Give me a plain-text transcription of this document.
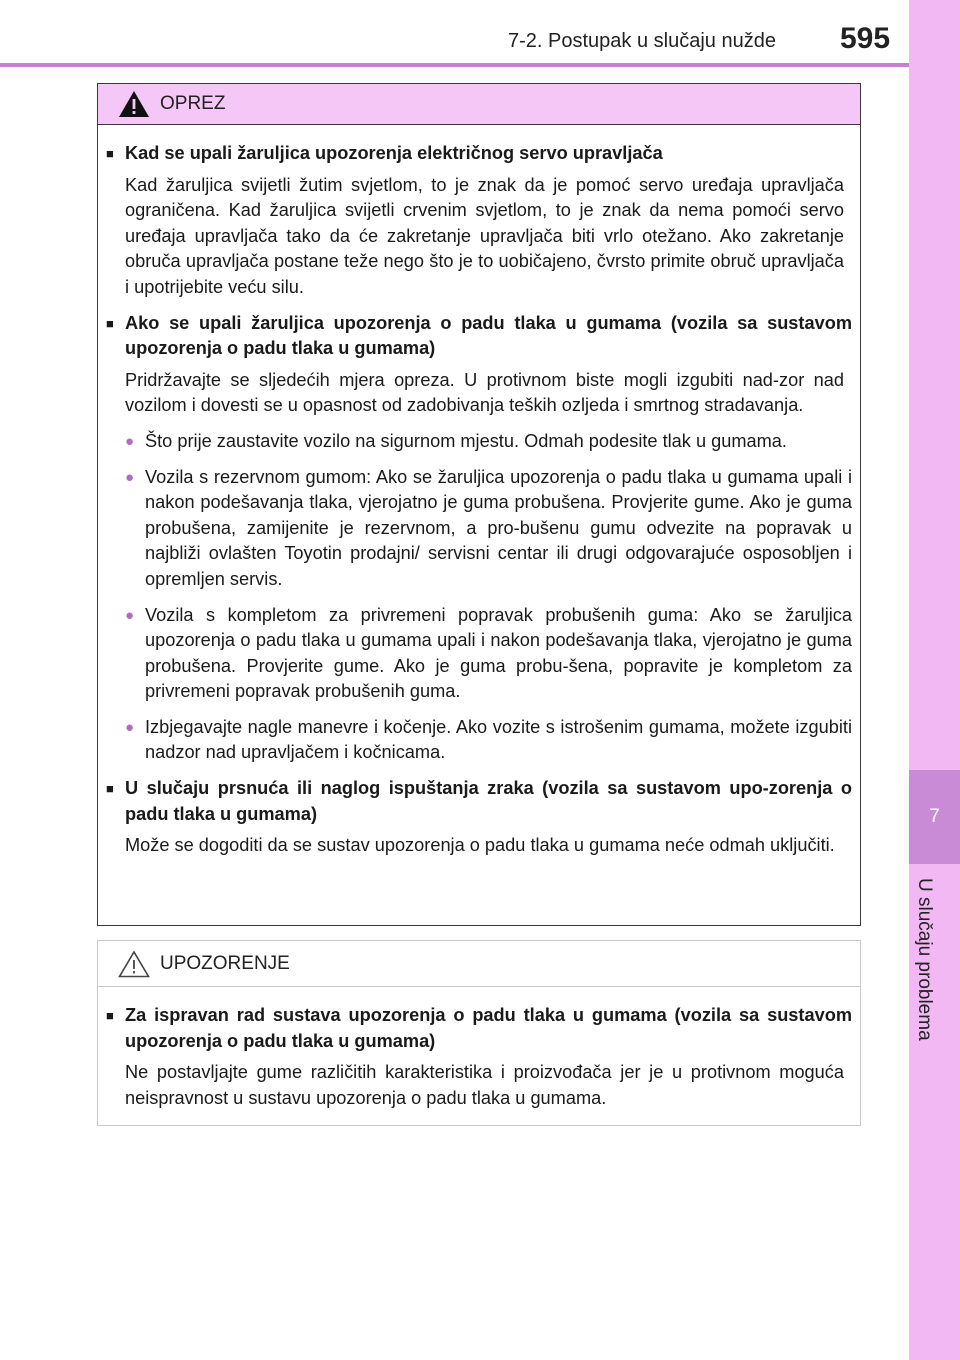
7-2. Postupak u slučaju nužde 595
7
U slučaju problema
OPREZ
■ Kad se upali žaruljica upozorenja električnog servo upravljača
Kad žaruljica svijetli žutim svjetlom, to je znak da je pomoć servo uređaja upravljača ograničena. Kad žaruljica svijetli crvenim svjetlom, to je znak da nema pomoći servo uređaja upravljača tako da će zakretanje upravljača biti vrlo otežano. Ako zakretanje obruča upravljača postane teže nego što je to uobičajeno, čvrsto primite obruč upravljača i upotrijebite veću silu.
■ Ako se upali žaruljica upozorenja o padu tlaka u gumama (vozila sa sustavom upozorenja o padu tlaka u gumama)
Pridržavajte se sljedećih mjera opreza. U protivnom biste mogli izgubiti nad-zor nad vozilom i dovesti se u opasnost od zadobivanja teških ozljeda i smrtnog stradavanja.
● Što prije zaustavite vozilo na sigurnom mjestu. Odmah podesite tlak u gumama.
● Vozila s rezervnom gumom: Ako se žaruljica upozorenja o padu tlaka u gumama upali i nakon podešavanja tlaka, vjerojatno je guma probušena. Provjerite gume. Ako je guma probušena, zamijenite je rezervnom, a pro-bušenu gumu odvezite na popravak u najbliži ovlašten Toyotin prodajni/ servisni centar ili drugi odgovarajuće osposobljen i opremljen servis.
● Vozila s kompletom za privremeni popravak probušenih guma: Ako se žaruljica upozorenja o padu tlaka u gumama upali i nakon podešavanja tlaka, vjerojatno je guma probušena. Provjerite gume. Ako je guma probu-šena, popravite je kompletom za privremeni popravak probušenih guma.
● Izbjegavajte nagle manevre i kočenje. Ako vozite s istrošenim gumama, možete izgubiti nadzor nad upravljačem i kočnicama.
■ U slučaju prsnuća ili naglog ispuštanja zraka (vozila sa sustavom upo-zorenja o padu tlaka u gumama)
Može se dogoditi da se sustav upozorenja o padu tlaka u gumama neće odmah uključiti.
UPOZORENJE
■ Za ispravan rad sustava upozorenja o padu tlaka u gumama (vozila sa sustavom upozorenja o padu tlaka u gumama)
Ne postavljajte gume različitih karakteristika i proizvođača jer je u protivnom moguća neispravnost u sustavu upozorenja o padu tlaka u gumama.
